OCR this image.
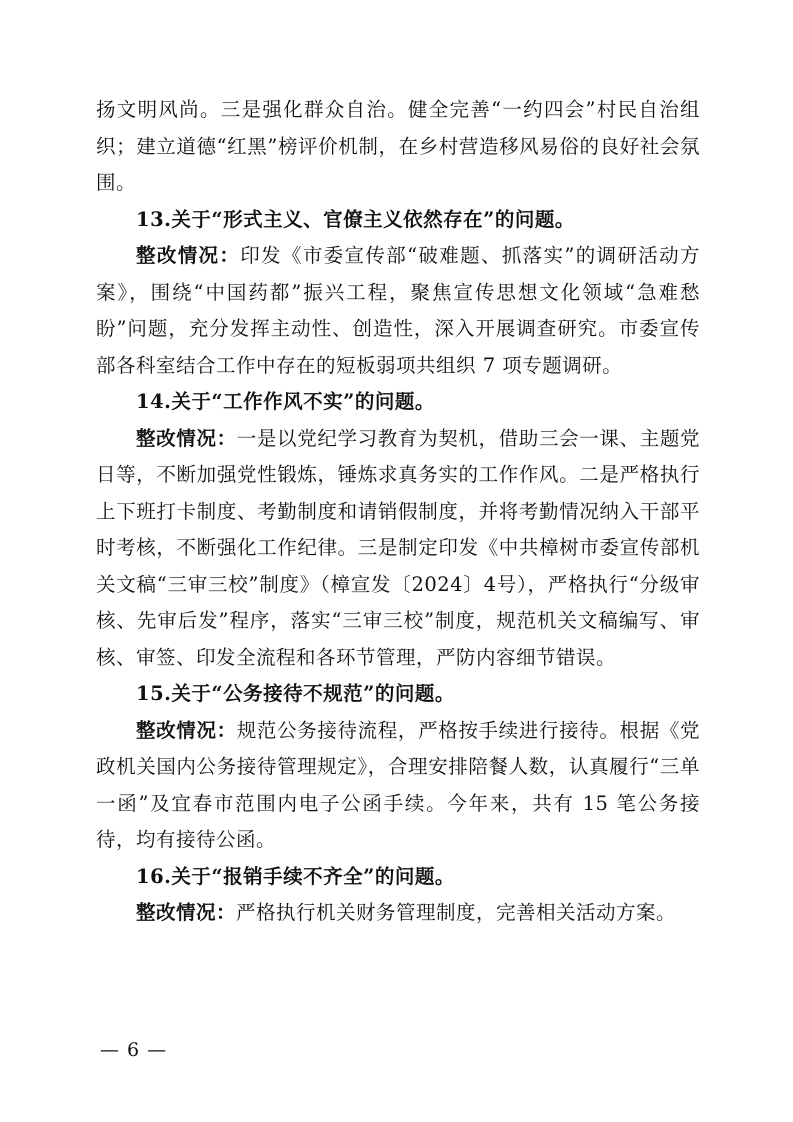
扬文明风尚。三是强化群众自治。健全完善“一约四会”村民自治组织；建立道德“红黑”榜评价机制，在乡村营造移风易俗的良好社会氛围。

13.关于“形式主义、官僚主义依然存在”的问题。

整改情况：印发《市委宣传部“破难题、抓落实”的调研活动方案》，围绕“中国药都”振兴工程，聚焦宣传思想文化领域“急难愁盼”问题，充分发挥主动性、创造性，深入开展调查研究。市委宣传部各科室结合工作中存在的短板弱项共组织 7 项专题调研。

14.关于“工作作风不实”的问题。

整改情况：一是以党纪学习教育为契机，借助三会一课、主题党日等，不断加强党性锻炼，锤炼求真务实的工作作风。二是严格执行上下班打卡制度、考勤制度和请销假制度，并将考勤情况纳入干部平时考核，不断强化工作纪律。三是制定印发《中共樟树市委宣传部机关文稿“三审三校”制度》（樟宣发〔2024〕4号），严格执行“分级审核、先审后发”程序，落实“三审三校”制度，规范机关文稿编写、审核、审签、印发全流程和各环节管理，严防内容细节错误。

15.关于“公务接待不规范”的问题。

整改情况：规范公务接待流程，严格按手续进行接待。根据《党政机关国内公务接待管理规定》，合理安排陪餐人数，认真履行“三单一函”及宜春市范围内电子公函手续。今年来，共有 15 笔公务接待，均有接待公函。

16.关于“报销手续不齐全”的问题。

整改情况：严格执行机关财务管理制度，完善相关活动方案。

— 6 —
